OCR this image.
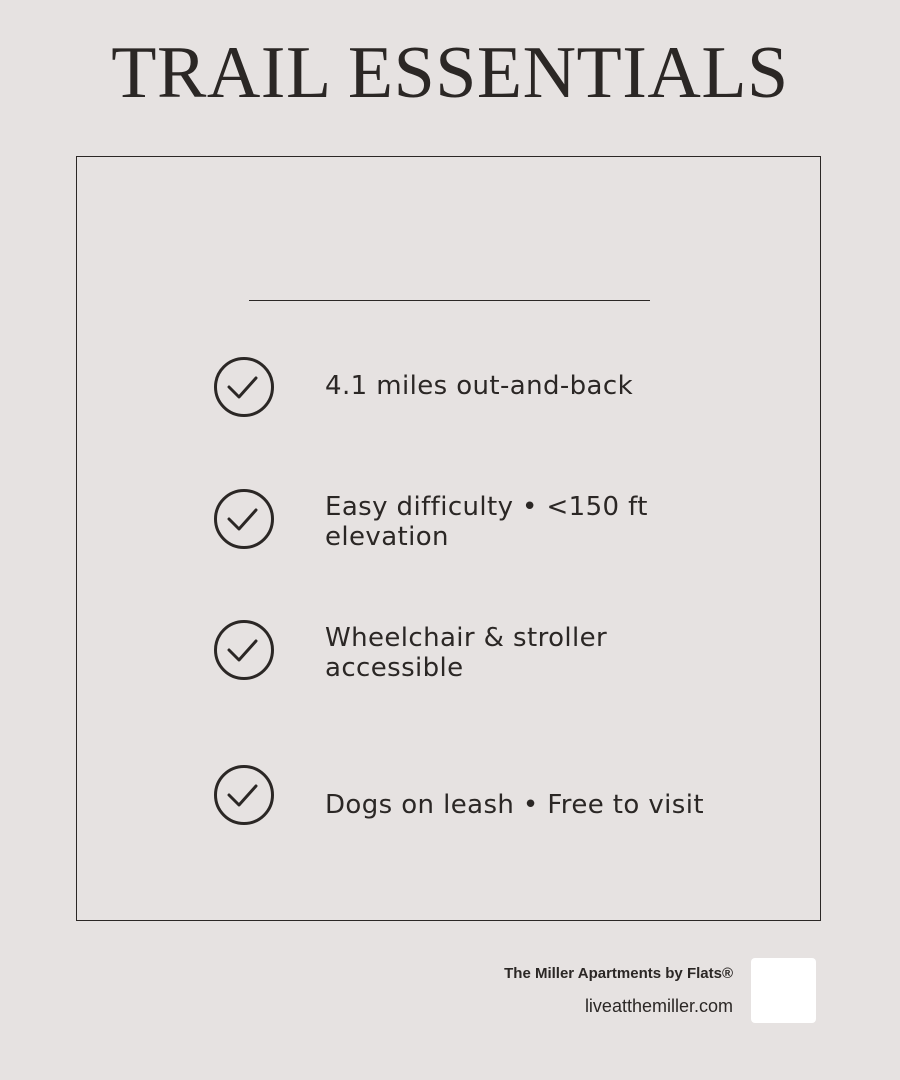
TRAIL ESSENTIALS
4.1 miles out-and-back
Easy difficulty • <150 ft elevation
Wheelchair & stroller accessible
Dogs on leash • Free to visit
The Miller Apartments by Flats®
liveatthemiller.com
